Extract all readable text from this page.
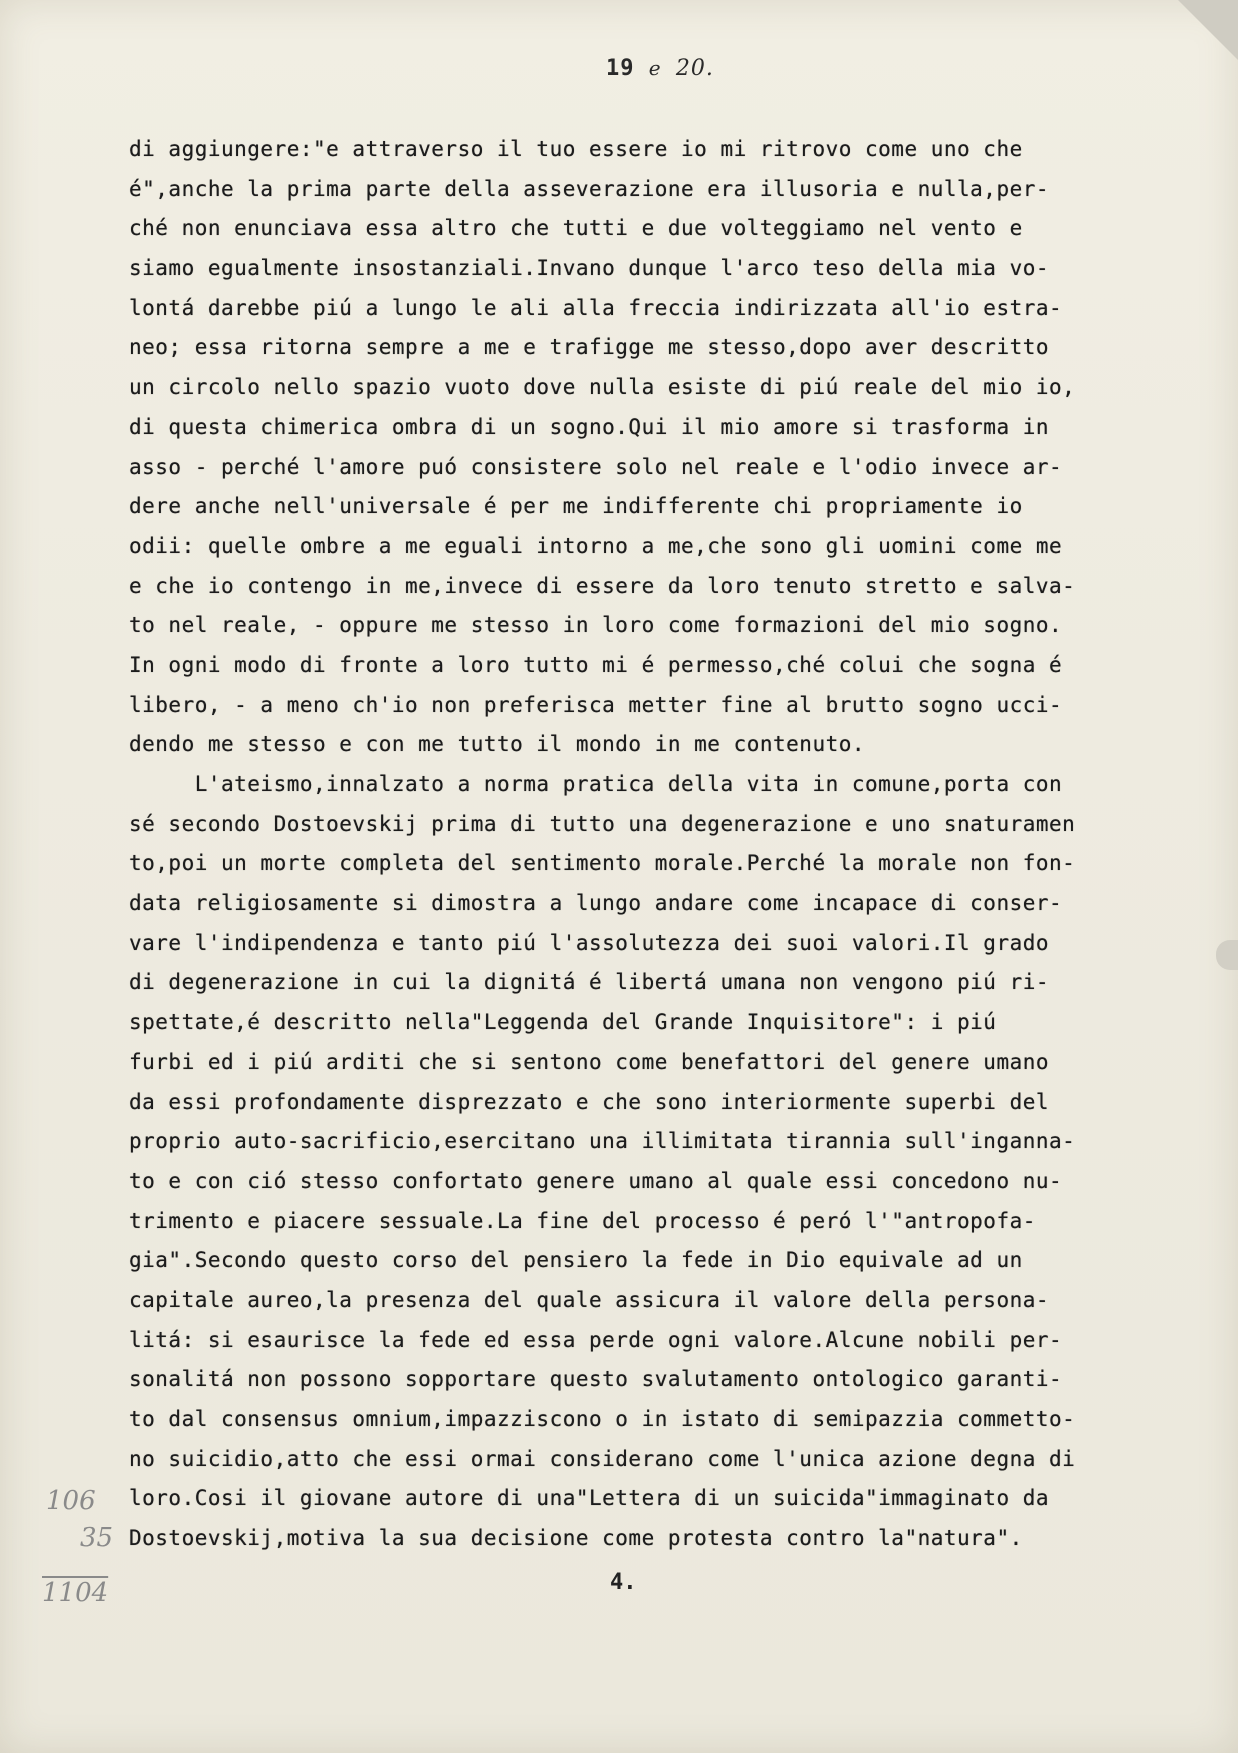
19 e 20.
di aggiungere:"e attraverso il tuo essere io mi ritrovo come uno che
é",anche la prima parte della asseverazione era illusoria e nulla,per-
ché non enunciava essa altro che tutti e due volteggiamo nel vento e
siamo egualmente insostanziali.Invano dunque l'arco teso della mia vo-
lontá darebbe piú a lungo le ali alla freccia indirizzata all'io estra-
neo; essa ritorna sempre a me e trafigge me stesso,dopo aver descritto
un circolo nello spazio vuoto dove nulla esiste di piú reale del mio io,
di questa chimerica ombra di un sogno.Qui il mio amore si trasforma in
asso - perché l'amore puó consistere solo nel reale e l'odio invece ar-
dere anche nell'universale é per me indifferente chi propriamente io
odii: quelle ombre a me eguali intorno a me,che sono gli uomini come me
e che io contengo in me,invece di essere da loro tenuto stretto e salva-
to nel reale, - oppure me stesso in loro come formazioni del mio sogno.
In ogni modo di fronte a loro tutto mi é permesso,ché colui che sogna é
libero, - a meno ch'io non preferisca metter fine al brutto sogno ucci-
dendo me stesso e con me tutto il mondo in me contenuto.
L'ateismo,innalzato a norma pratica della vita in comune,porta con
sé secondo Dostoevskij prima di tutto una degenerazione e uno snaturamen
to,poi un morte completa del sentimento morale.Perché la morale non fon-
data religiosamente si dimostra a lungo andare come incapace di conser-
vare l'indipendenza e tanto piú l'assolutezza dei suoi valori.Il grado
di degenerazione in cui la dignitá é libertá umana non vengono piú ri-
spettate,é descritto nella"Leggenda del Grande Inquisitore": i piú
furbi ed i piú arditi che si sentono come benefattori del genere umano
da essi profondamente disprezzato e che sono interiormente superbi del
proprio auto-sacrificio,esercitano una illimitata tirannia sull'inganna-
to e con ció stesso confortato genere umano al quale essi concedono nu-
trimento e piacere sessuale.La fine del processo é peró l'"antropofa-
gia".Secondo questo corso del pensiero la fede in Dio equivale ad un
capitale aureo,la presenza del quale assicura il valore della persona-
litá: si esaurisce la fede ed essa perde ogni valore.Alcune nobili per-
sonalitá non possono sopportare questo svalutamento ontologico garanti-
to dal consensus omnium,impazziscono o in istato di semipazzia commetto-
no suicidio,atto che essi ormai considerano come l'unica azione degna di
loro.Cosi il giovane autore di una"Lettera di un suicida"immaginato da
Dostoevskij,motiva la sua decisione come protesta contro la"natura".
106
35
1104	4.
